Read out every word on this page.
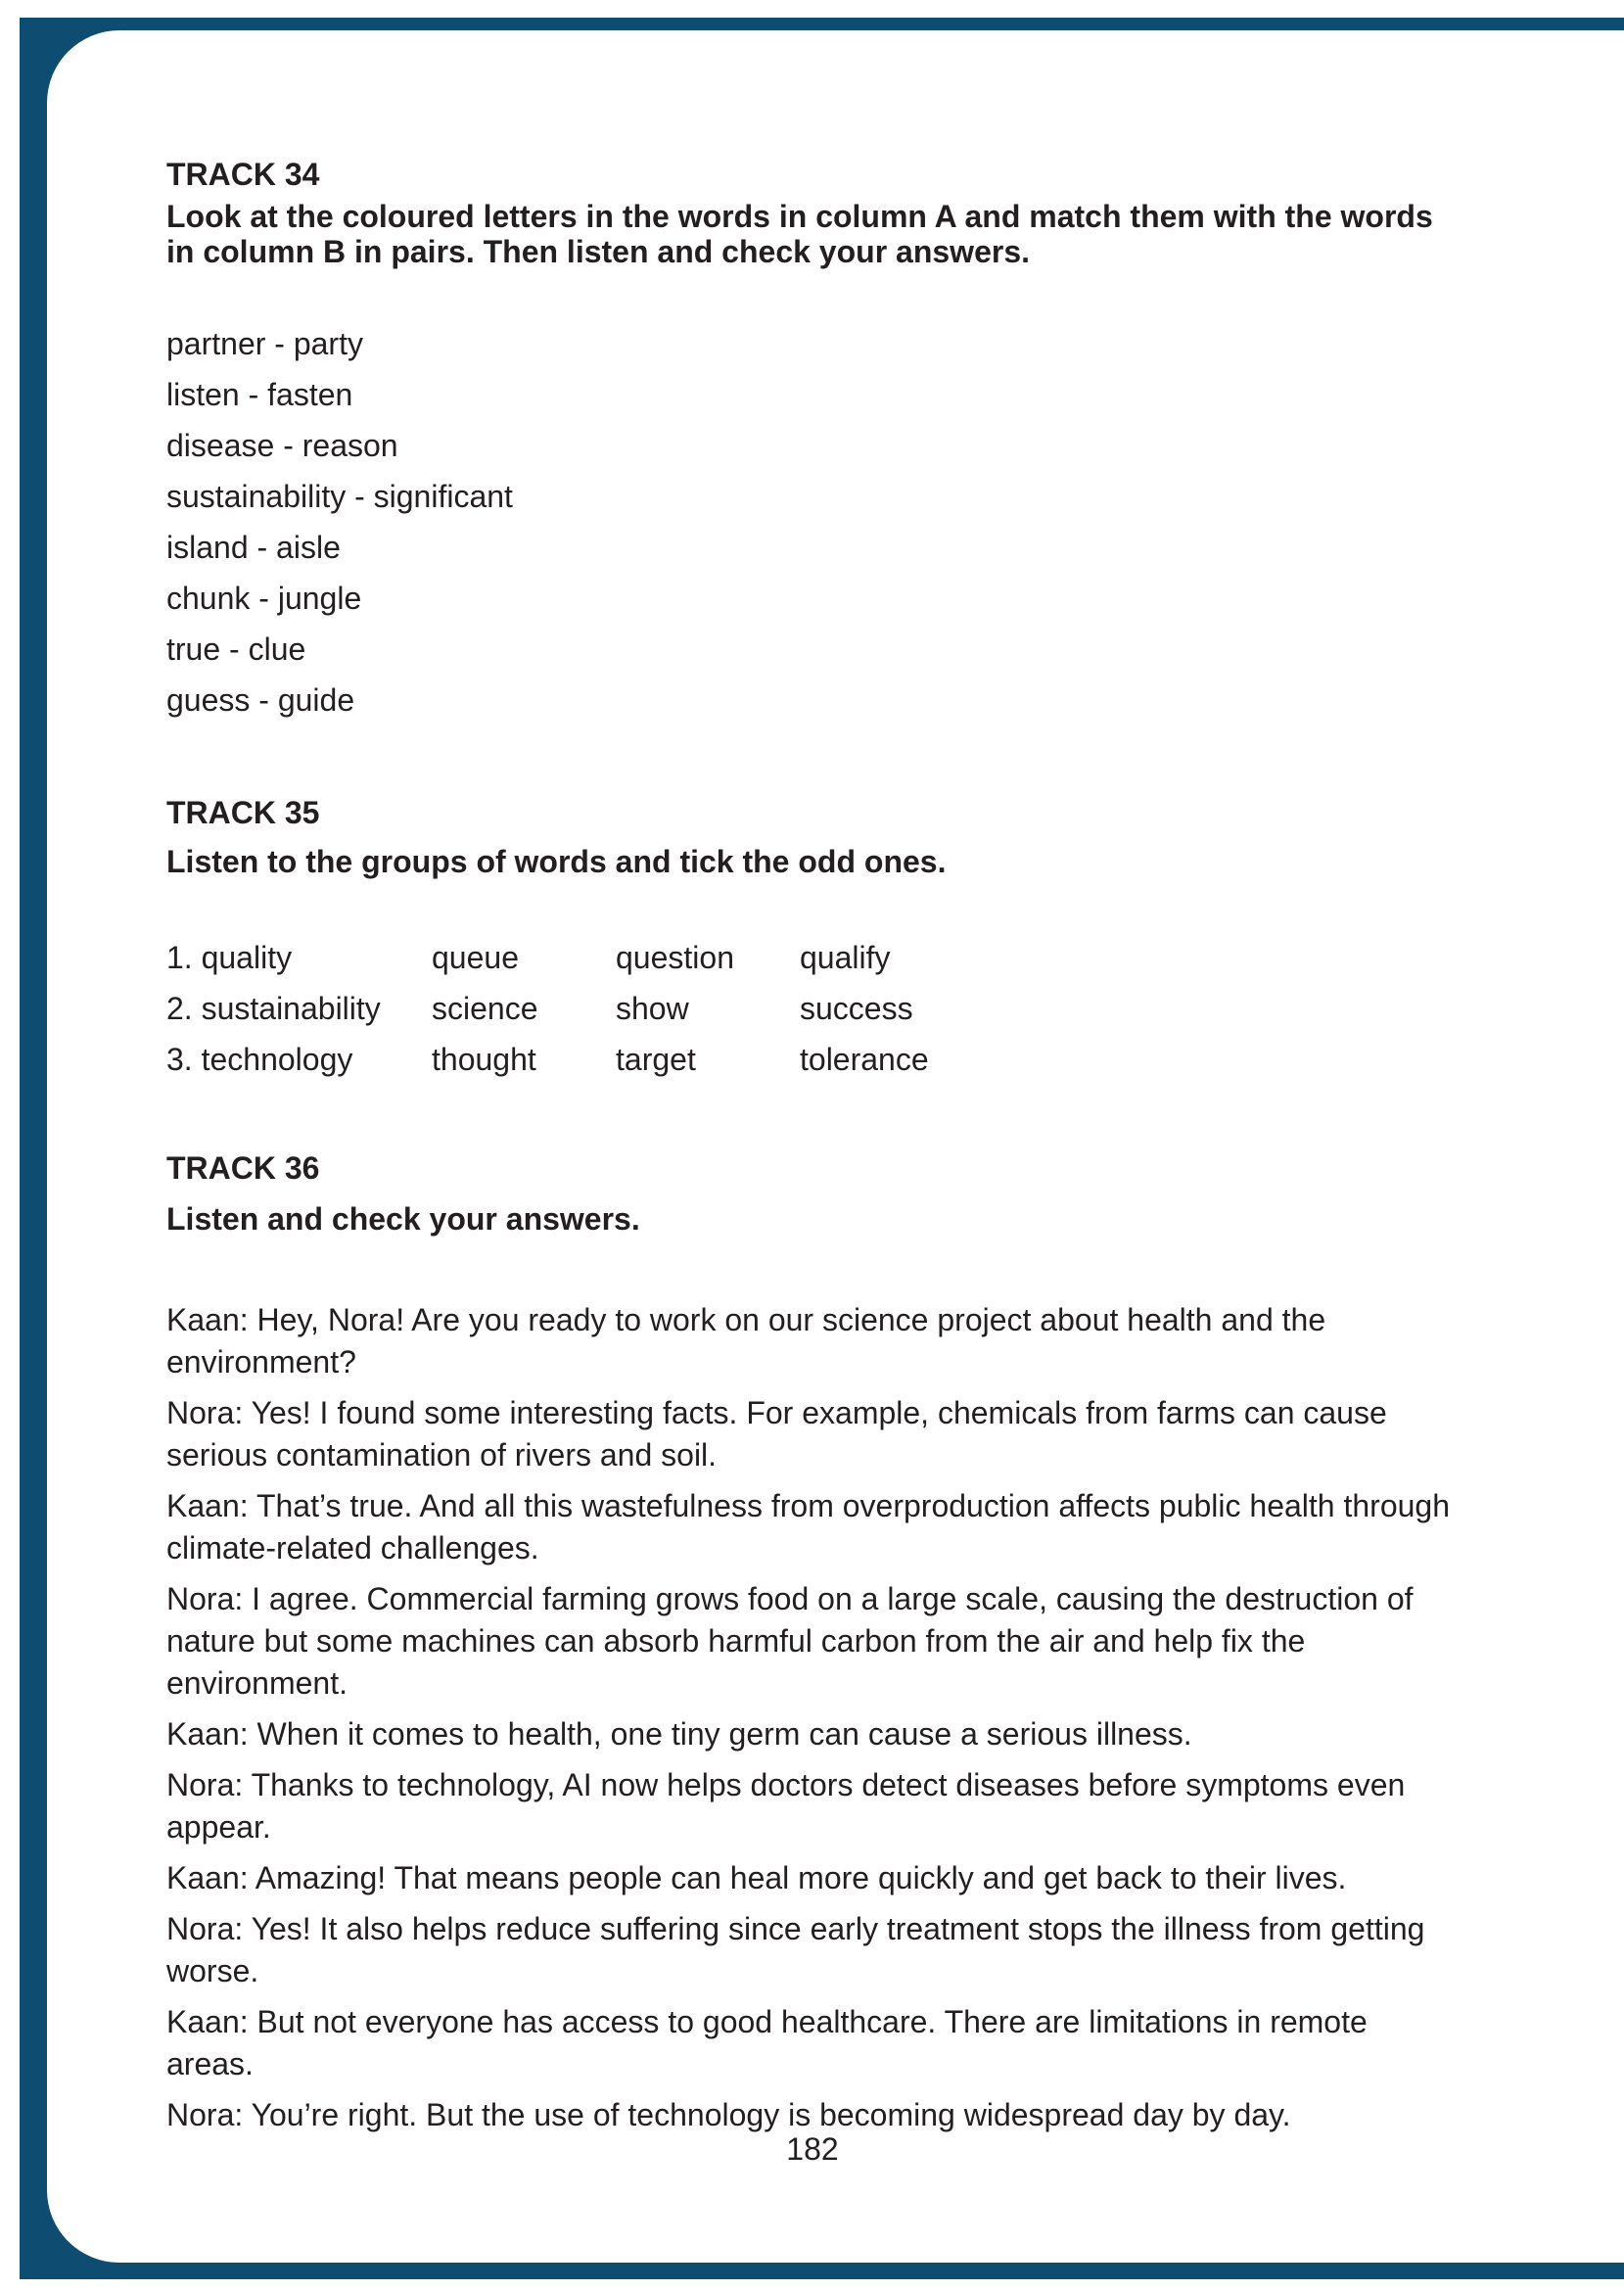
TRACK 34
Look at the coloured letters in the words in column A and match them with the words in column B in pairs. Then listen and check your answers.
partner - party
listen - fasten
disease - reason
sustainability - significant
island - aisle
chunk - jungle
true - clue
guess - guide
TRACK 35
Listen to the groups of words and tick the odd ones.
1. quality	queue	question	qualify
2. sustainability	science	show	success
3. technology	thought	target	tolerance
TRACK 36
Listen and check your answers.

Kaan: Hey, Nora! Are you ready to work on our science project about health and the environment?

Nora: Yes! I found some interesting facts. For example, chemicals from farms can cause serious contamination of rivers and soil.

Kaan: That’s true. And all this wastefulness from overproduction affects public health through climate-related challenges.

Nora: I agree. Commercial farming grows food on a large scale, causing the destruction of nature but some machines can absorb harmful carbon from the air and help fix the environment.

Kaan: When it comes to health, one tiny germ can cause a serious illness.

Nora: Thanks to technology, AI now helps doctors detect diseases before symptoms even appear.

Kaan: Amazing! That means people can heal more quickly and get back to their lives.

Nora: Yes! It also helps reduce suffering since early treatment stops the illness from getting worse.

Kaan: But not everyone has access to good healthcare. There are limitations in remote areas.

Nora: You’re right. But the use of technology is becoming widespread day by day.

182
